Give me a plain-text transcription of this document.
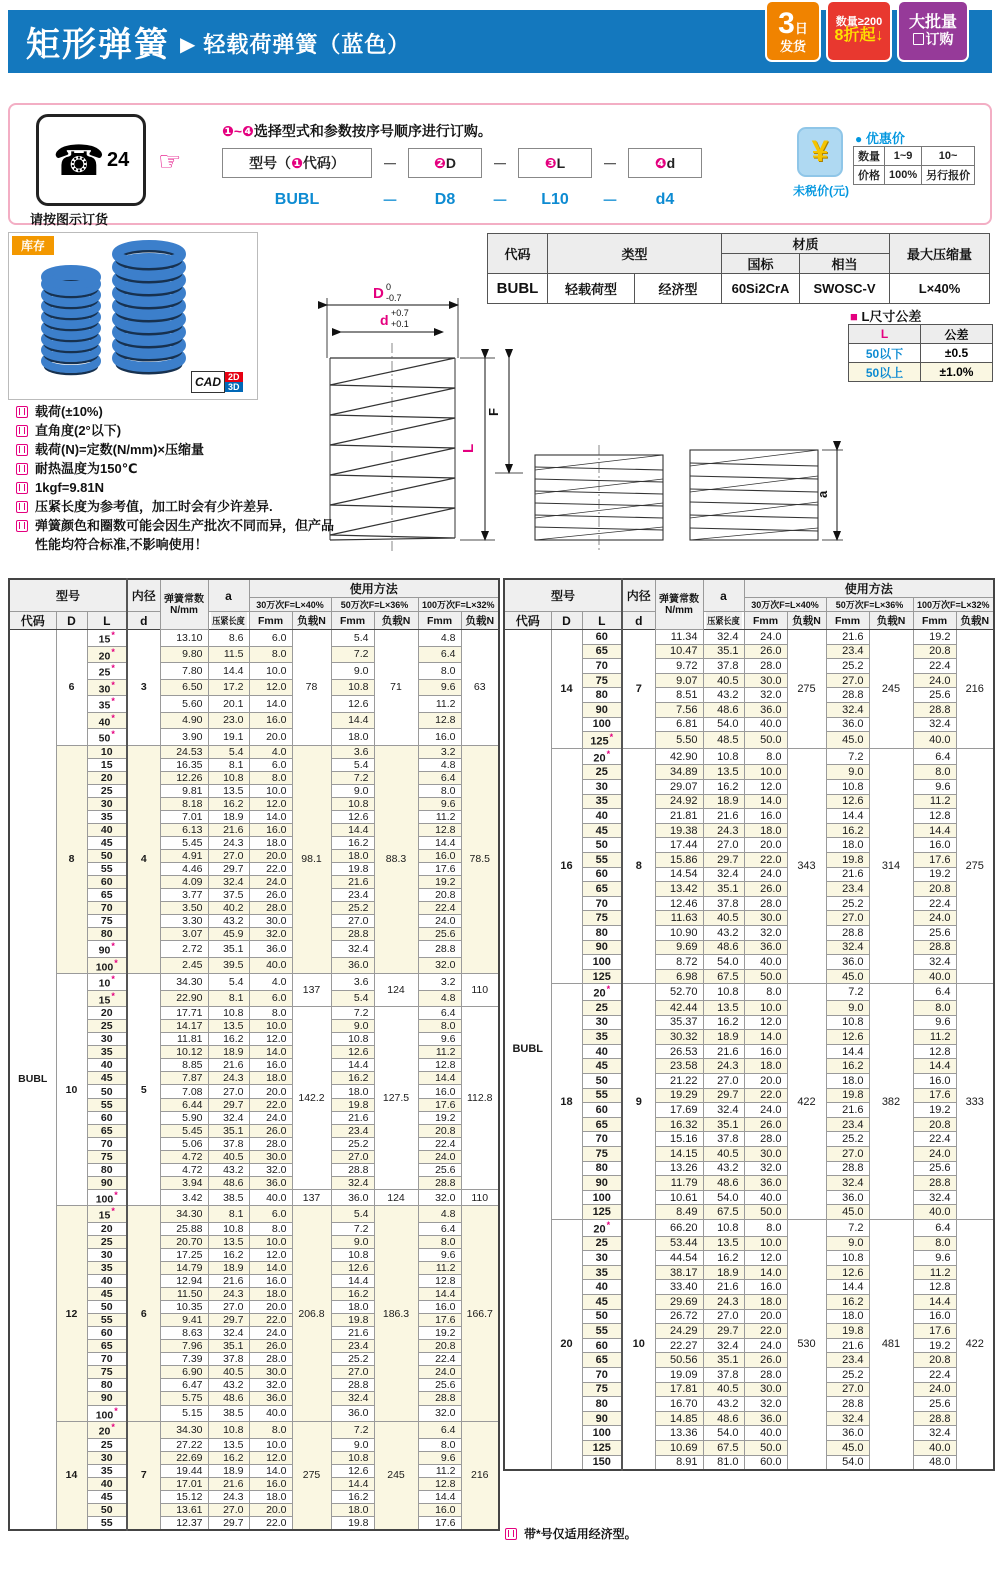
矩形弹簧 ▶ 轻载荷弹簧（蓝色）
3日
发货
数量≥200
8折起↓
大批量
订购
☎ 24
请按图示订货
☞
❶~❹选择型式和参数按序号顺序进行订购。
型号（ ❶ 代码）	－	❷ D	－	❸ L	－	❹ d
BUBL	－	D8	－	L10	－	d4
¥
未税价(元)
● 优惠价
数量	1~9	10~
价格	100%	另行报价
库存
CAD 2D
3D
D 0
-0.7
d +0.7
+0.1
L
F
a
代码	类型		材质		最大压缩量
			国标	相当	
BUBL	轻载荷型	经济型	60Si2CrA	SWOSC-V	L×40%
■ L尺寸公差
L	公差
50以下	±0.5
50以上	±1.0%
载荷(±10%)
直角度(2°以下)
载荷(N)=定数(N/mm)×压缩量
耐热温度为150℃
1kgf=9.81N
压紧长度为参考值，加工时会有少许差异.
弹簧颜色和圈数可能会因生产批次不同而异，但产品性能均符合标准,不影响使用！
型号			内径	弹簧常数
N/mm	a	使用方法					
						30万次F=L×40%		50万次F=L×36%		100万次F=L×32%	
代码	D	L	d		压紧长度	Fmm	负载N	Fmm	负载N	Fmm	负载N
BUBL	6	15*	3	13.10	8.6	6.0	78	5.4	71	4.8	63
		20*		9.80	11.5	8.0		7.2		6.4	
		25*		7.80	14.4	10.0		9.0		8.0	
		30*		6.50	17.2	12.0		10.8		9.6	
		35*		5.60	20.1	14.0		12.6		11.2	
		40*		4.90	23.0	16.0		14.4		12.8	
		50*		3.90	19.1	20.0		18.0		16.0	
	8	10	4	24.53	5.4	4.0	98.1	3.6	88.3	3.2	78.5
		15		16.35	8.1	6.0		5.4		4.8	
		20		12.26	10.8	8.0		7.2		6.4	
		25		9.81	13.5	10.0		9.0		8.0	
		30		8.18	16.2	12.0		10.8		9.6	
		35		7.01	18.9	14.0		12.6		11.2	
		40		6.13	21.6	16.0		14.4		12.8	
		45		5.45	24.3	18.0		16.2		14.4	
		50		4.91	27.0	20.0		18.0		16.0	
		55		4.46	29.7	22.0		19.8		17.6	
		60		4.09	32.4	24.0		21.6		19.2	
		65		3.77	37.5	26.0		23.4		20.8	
		70		3.50	40.2	28.0		25.2		22.4	
		75		3.30	43.2	30.0		27.0		24.0	
		80		3.07	45.9	32.0		28.8		25.6	
		90*		2.72	35.1	36.0		32.4		28.8	
		100*		2.45	39.5	40.0		36.0		32.0	
	10	10*	5	34.30	5.4	4.0	137	3.6	124	3.2	110
		15*		22.90	8.1	6.0		5.4		4.8	
		20		17.71	10.8	8.0	142.2	7.2	127.5	6.4	112.8
		25		14.17	13.5	10.0		9.0		8.0	
		30		11.81	16.2	12.0		10.8		9.6	
		35		10.12	18.9	14.0		12.6		11.2	
		40		8.85	21.6	16.0		14.4		12.8	
		45		7.87	24.3	18.0		16.2		14.4	
		50		7.08	27.0	20.0		18.0		16.0	
		55		6.44	29.7	22.0		19.8		17.6	
		60		5.90	32.4	24.0		21.6		19.2	
		65		5.45	35.1	26.0		23.4		20.8	
		70		5.06	37.8	28.0		25.2		22.4	
		75		4.72	40.5	30.0		27.0		24.0	
		80		4.72	43.2	32.0		28.8		25.6	
		90		3.94	48.6	36.0		32.4		28.8	
		100*		3.42	38.5	40.0	137	36.0	124	32.0	110
	12	15*	6	34.30	8.1	6.0	206.8	5.4	186.3	4.8	166.7
		20		25.88	10.8	8.0		7.2		6.4	
		25		20.70	13.5	10.0		9.0		8.0	
		30		17.25	16.2	12.0		10.8		9.6	
		35		14.79	18.9	14.0		12.6		11.2	
		40		12.94	21.6	16.0		14.4		12.8	
		45		11.50	24.3	18.0		16.2		14.4	
		50		10.35	27.0	20.0		18.0		16.0	
		55		9.41	29.7	22.0		19.8		17.6	
		60		8.63	32.4	24.0		21.6		19.2	
		65		7.96	35.1	26.0		23.4		20.8	
		70		7.39	37.8	28.0		25.2		22.4	
		75		6.90	40.5	30.0		27.0		24.0	
		80		6.47	43.2	32.0		28.8		25.6	
		90		5.75	48.6	36.0		32.4		28.8	
		100*		5.15	38.5	40.0		36.0		32.0	
	14	20*	7	34.30	10.8	8.0	275	7.2	245	6.4	216
		25		27.22	13.5	10.0		9.0		8.0	
		30		22.69	16.2	12.0		10.8		9.6	
		35		19.44	18.9	14.0		12.6		11.2	
		40		17.01	21.6	16.0		14.4		12.8	
		45		15.12	24.3	18.0		16.2		14.4	
		50		13.61	27.0	20.0		18.0		16.0	
		55		12.37	29.7	22.0		19.8		17.6	
型号			内径	弹簧常数
N/mm	a	使用方法					
						30万次F=L×40%		50万次F=L×36%		100万次F=L×32%	
代码	D	L	d		压紧长度	Fmm	负载N	Fmm	负载N	Fmm	负载N
BUBL	14	60	7	11.34	32.4	24.0	275	21.6	245	19.2	216
		65		10.47	35.1	26.0		23.4		20.8	
		70		9.72	37.8	28.0		25.2		22.4	
		75		9.07	40.5	30.0		27.0		24.0	
		80		8.51	43.2	32.0		28.8		25.6	
		90		7.56	48.6	36.0		32.4		28.8	
		100		6.81	54.0	40.0		36.0		32.4	
		125*		5.50	48.5	50.0		45.0		40.0	
	16	20*	8	42.90	10.8	8.0	343	7.2	314	6.4	275
		25		34.89	13.5	10.0		9.0		8.0	
		30		29.07	16.2	12.0		10.8		9.6	
		35		24.92	18.9	14.0		12.6		11.2	
		40		21.81	21.6	16.0		14.4		12.8	
		45		19.38	24.3	18.0		16.2		14.4	
		50		17.44	27.0	20.0		18.0		16.0	
		55		15.86	29.7	22.0		19.8		17.6	
		60		14.54	32.4	24.0		21.6		19.2	
		65		13.42	35.1	26.0		23.4		20.8	
		70		12.46	37.8	28.0		25.2		22.4	
		75		11.63	40.5	30.0		27.0		24.0	
		80		10.90	43.2	32.0		28.8		25.6	
		90		9.69	48.6	36.0		32.4		28.8	
		100		8.72	54.0	40.0		36.0		32.4	
		125		6.98	67.5	50.0		45.0		40.0	
	18	20*	9	52.70	10.8	8.0	422	7.2	382	6.4	333
		25		42.44	13.5	10.0		9.0		8.0	
		30		35.37	16.2	12.0		10.8		9.6	
		35		30.32	18.9	14.0		12.6		11.2	
		40		26.53	21.6	16.0		14.4		12.8	
		45		23.58	24.3	18.0		16.2		14.4	
		50		21.22	27.0	20.0		18.0		16.0	
		55		19.29	29.7	22.0		19.8		17.6	
		60		17.69	32.4	24.0		21.6		19.2	
		65		16.32	35.1	26.0		23.4		20.8	
		70		15.16	37.8	28.0		25.2		22.4	
		75		14.15	40.5	30.0		27.0		24.0	
		80		13.26	43.2	32.0		28.8		25.6	
		90		11.79	48.6	36.0		32.4		28.8	
		100		10.61	54.0	40.0		36.0		32.4	
		125		8.49	67.5	50.0		45.0		40.0	
	20	20*	10	66.20	10.8	8.0	530	7.2	481	6.4	422
		25		53.44	13.5	10.0		9.0		8.0	
		30		44.54	16.2	12.0		10.8		9.6	
		35		38.17	18.9	14.0		12.6		11.2	
		40		33.40	21.6	16.0		14.4		12.8	
		45		29.69	24.3	18.0		16.2		14.4	
		50		26.72	27.0	20.0		18.0		16.0	
		55		24.29	29.7	22.0		19.8		17.6	
		60		22.27	32.4	24.0		21.6		19.2	
		65		50.56	35.1	26.0		23.4		20.8	
		70		19.09	37.8	28.0		25.2		22.4	
		75		17.81	40.5	30.0		27.0		24.0	
		80		16.70	43.2	32.0		28.8		25.6	
		90		14.85	48.6	36.0		32.4		28.8	
		100		13.36	54.0	40.0		36.0		32.4	
		125		10.69	67.5	50.0		45.0		40.0	
		150		8.91	81.0	60.0		54.0		48.0	
带*号仅适用经济型。
